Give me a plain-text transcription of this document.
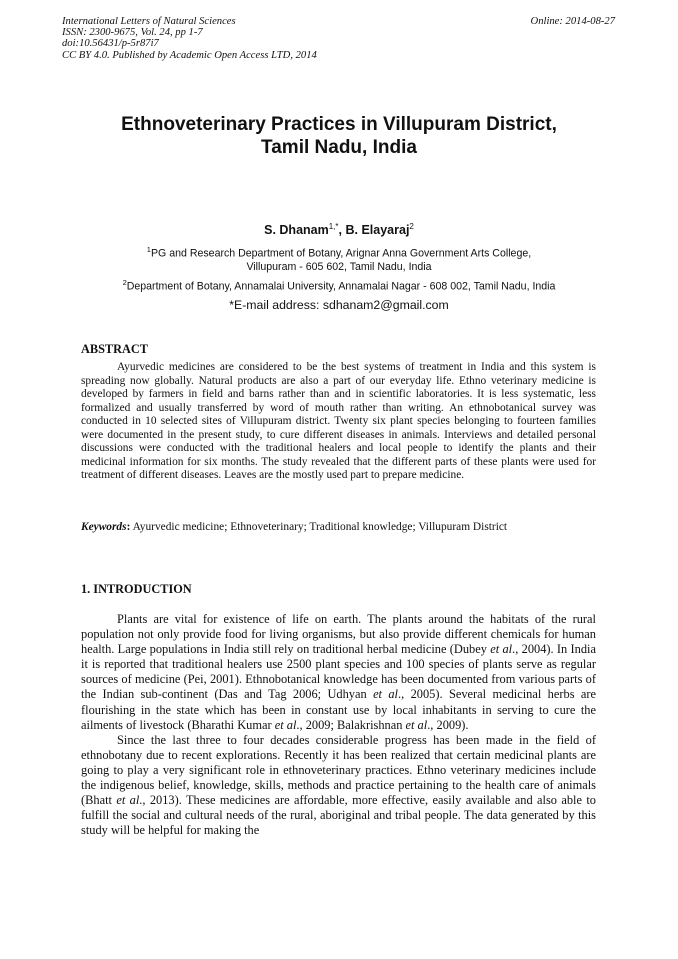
International Letters of Natural Sciences
ISSN: 2300-9675, Vol. 24, pp 1-7
doi:10.56431/p-5r87i7
CC BY 4.0. Published by Academic Open Access LTD, 2014
Online: 2014-08-27
Ethnoveterinary Practices in Villupuram District,
Tamil Nadu, India
S. Dhanam$^{1,*}$, B. Elayaraj$^2$
$^1$PG and Research Department of Botany, Arignar Anna Government Arts College,
Villupuram - 605 602, Tamil Nadu, India
$^2$Department of Botany, Annamalai University, Annamalai Nagar - 608 002, Tamil Nadu, India
*E-mail address: sdhanam2@gmail.com
ABSTRACT
Ayurvedic medicines are considered to be the best systems of treatment in India and this system is spreading now globally. Natural products are also a part of our everyday life. Ethno veterinary medicine is developed by farmers in field and barns rather than and in scientific laboratories. It is less systematic, less formalized and usually transferred by word of mouth rather than writing. An ethnobotanical survey was conducted in 10 selected sites of Villupuram district. Twenty six plant species belonging to fourteen families were documented in the present study, to cure different diseases in animals. Interviews and detailed personal discussions were conducted with the traditional healers and local people to identify the plants and their medicinal information for six months. The study revealed that the different parts of these plants were used for treatment of different diseases. Leaves are the mostly used part to prepare medicine.
Keywords: Ayurvedic medicine; Ethnoveterinary; Traditional knowledge; Villupuram District
1. INTRODUCTION

Plants are vital for existence of life on earth. The plants around the habitats of the rural population not only provide food for living organisms, but also provide different chemicals for human health. Large populations in India still rely on traditional herbal medicine (Dubey et al., 2004). In India it is reported that traditional healers use 2500 plant species and 100 species of plants serve as regular sources of medicine (Pei, 2001). Ethnobotanical knowledge has been documented from various parts of the Indian sub-continent (Das and Tag 2006; Udhyan et al., 2005). Several medicinal herbs are flourishing in the state which has been in constant use by local inhabitants in serving to cure the ailments of livestock (Bharathi Kumar et al., 2009; Balakrishnan et al., 2009).

Since the last three to four decades considerable progress has been made in the field of ethnobotany due to recent explorations. Recently it has been realized that certain medicinal plants are going to play a very significant role in ethnoveterinary practices. Ethno veterinary medicines include the indigenous belief, knowledge, skills, methods and practice pertaining to the health care of animals (Bhatt et al., 2013). These medicines are affordable, more effective, easily available and also able to fulfill the social and cultural needs of the rural, aboriginal and tribal people. The data generated by this study will be helpful for making the
